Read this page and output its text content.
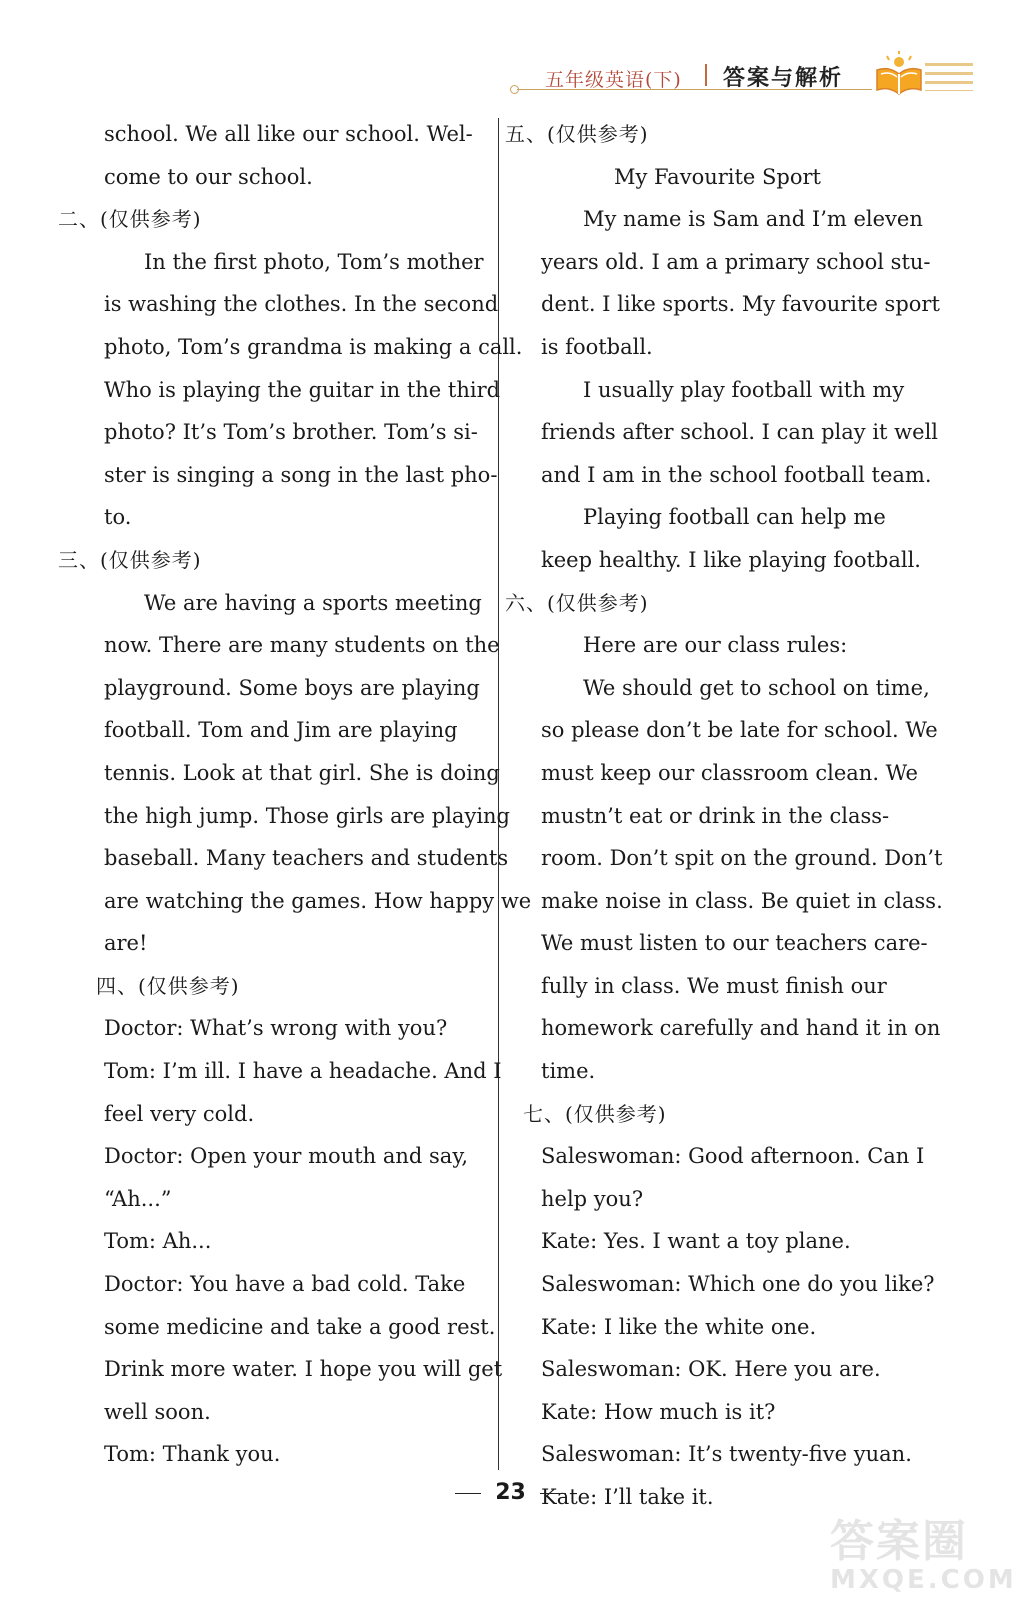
五年级英语(下) 答案与解析
school. We all like our school. Wel-
come to our school.
二、(仅供参考)
In the first photo, Tom’s mother
is washing the clothes. In the second
photo, Tom’s grandma is making a call.
Who is playing the guitar in the third
photo? It’s Tom’s brother. Tom’s si-
ster is singing a song in the last pho-
to.
三、(仅供参考)
We are having a sports meeting
now. There are many students on the
playground. Some boys are playing
football. Tom and Jim are playing
tennis. Look at that girl. She is doing
the high jump. Those girls are playing
baseball. Many teachers and students
are watching the games. How happy we
are!
四、(仅供参考)
Doctor: What’s wrong with you?
Tom: I’m ill. I have a headache. And I
feel very cold.
Doctor: Open your mouth and say,
“Ah...”
Tom: Ah...
Doctor: You have a bad cold. Take
some medicine and take a good rest.
Drink more water. I hope you will get
well soon.
Tom: Thank you.
五、(仅供参考)
My Favourite Sport
My name is Sam and I’m eleven
years old. I am a primary school stu-
dent. I like sports. My favourite sport
is football.
I usually play football with my
friends after school. I can play it well
and I am in the school football team.
Playing football can help me
keep healthy. I like playing football.
六、(仅供参考)
Here are our class rules:
We should get to school on time,
so please don’t be late for school. We
must keep our classroom clean. We
mustn’t eat or drink in the class-
room. Don’t spit on the ground. Don’t
make noise in class. Be quiet in class.
We must listen to our teachers care-
fully in class. We must finish our
homework carefully and hand it in on
time.
七、(仅供参考)
Saleswoman: Good afternoon. Can I
help you?
Kate: Yes. I want a toy plane.
Saleswoman: Which one do you like?
Kate: I like the white one.
Saleswoman: OK. Here you are.
Kate: How much is it?
Saleswoman: It’s twenty-five yuan.
Kate: I’ll take it.
23
答案圈
MXQE.COM
